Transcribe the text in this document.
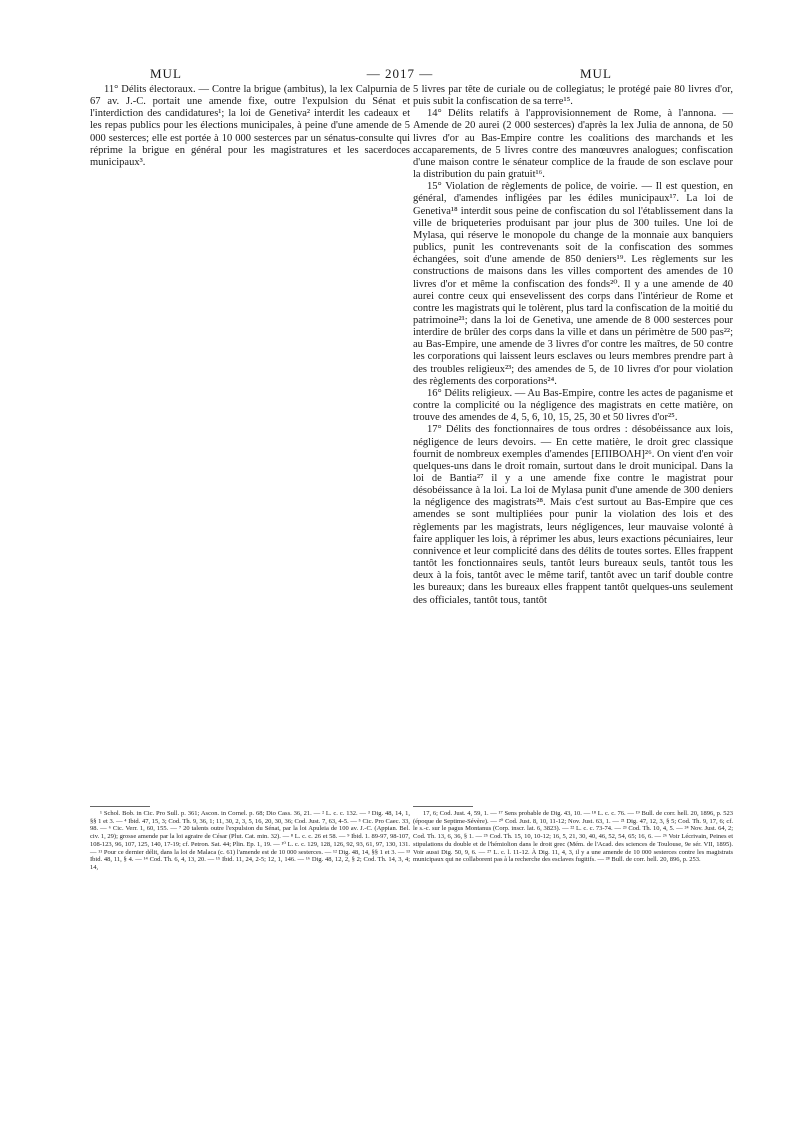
— 2017 —
MUL	MUL

11° Délits électoraux. — Contre la brigue (ambitus), la lex Calpurnia de 67 av. J.-C. portait une amende fixe, outre l'expulsion du Sénat et l'interdiction des candidatures¹; la loi de Genetiva² interdit les cadeaux et les repas publics pour les élections municipales, à peine d'une amende de 5 000 sesterces; elle est portée à 10 000 sesterces par un sénatus-consulte qui réprime la brigue en général pour les magistratures et les sacerdoces municipaux³.

5 livres par tête de curiale ou de collegiatus; le protégé paie 80 livres d'or, puis subit la confiscation de sa terre¹⁵.

14° Délits relatifs à l'approvisionnement de Rome, à l'annona. — Amende de 20 aurei (2 000 sesterces) d'après la lex Julia de annona, de 50 livres d'or au Bas-Empire contre les coalitions des marchands et les accaparements, de 5 livres contre des manœuvres analogues; confiscation d'une maison contre le sénateur complice de la fraude de son esclave pour la distribution du pain gratuit¹⁶.

15° Violation de règlements de police, de voirie. — Il est question, en général, d'amendes infligées par les édiles municipaux¹⁷. La loi de Genetiva¹⁸ interdit sous peine de confiscation du sol l'établissement dans la ville de briqueteries produisant par jour plus de 300 tuiles. Une loi de Mylasa, qui réserve le monopole du change de la monnaie aux banquiers publics, punit les contrevenants soit de la confiscation des sommes échangées, soit d'une amende de 850 deniers¹⁹. Les règlements sur les constructions de maisons dans les villes comportent des amendes de 10 livres d'or et même la confiscation des fonds²⁰. Il y a une amende de 40 aurei contre ceux qui ensevelissent des corps dans l'intérieur de Rome et contre les magistrats qui le tolèrent, plus tard la confiscation de la moitié du patrimoine²¹; dans la loi de Genetiva, une amende de 8 000 sesterces pour interdire de brûler des corps dans la ville et dans un périmètre de 500 pas²²; au Bas-Empire, une amende de 3 livres d'or contre les maîtres, de 50 contre les corporations qui laissent leurs esclaves ou leurs membres prendre part à des troubles religieux²³; des amendes de 5, de 10 livres d'or pour violation des règlements des corporations²⁴.

16° Délits religieux. — Au Bas-Empire, contre les actes de paganisme et contre la complicité ou la négligence des magistrats en cette matière, on trouve des amendes de 4, 5, 6, 10, 15, 25, 30 et 50 livres d'or²⁵.

17° Délits des fonctionnaires de tous ordres : désobéissance aux lois, négligence de leurs devoirs. — En cette matière, le droit grec classique fournit de nombreux exemples d'amendes [ΕΠΙΒΟΛΗ]²⁶. On vient d'en voir quelques-uns dans le droit romain, surtout dans le droit municipal. Dans la loi de Bantia²⁷ il y a une amende fixe contre le magistrat pour désobéissance à la loi. La loi de Mylasa punit d'une amende de 300 deniers la négligence des magistrats²⁸. Mais c'est surtout au Bas-Empire que ces amendes se sont multipliées pour punir la violation des lois et des règlements par les magistrats, leurs négligences, leur mauvaise volonté à faire appliquer les lois, à réprimer les abus, leurs exactions pécuniaires, leur connivence et leur complicité dans des délits de toutes sortes. Elles frappent tantôt les fonctionnaires seuls, tantôt leurs bureaux seuls, tantôt tous les deux à la fois, tantôt avec le même tarif, tantôt avec un tarif double contre les bureaux; dans les bureaux elles frappent tantôt quelques-uns seulement des officiales, tantôt tous, tantôt

¹ Schol. Bob. in Cic. Pro Sull. p. 361; Ascon. in Cornel. p. 68; Dio Cass. 36, 21. — ² L. c. c. 132. — ³ Dig. 48, 14, 1, §§ 1 et 3. — ⁴ Ibid. 47, 15, 3; Cod. Th. 9, 36, 1; 11, 30, 2, 3, 5, 16, 20, 30, 36; Cod. Just. 7, 63, 4-5. — ⁵ Cic. Pro Caec. 33, 98. — ⁶ Cic. Verr. 1, 60, 155. — ⁷ 20 talents outre l'expulsion du Sénat, par la loi Apuleia de 100 av. J.-C. (Appian. Bel. civ. 1, 29); grosse amende par la loi agraire de César (Plut. Cat. min. 32). — ⁸ L. c. c. 26 et 58. — ⁹ Ibid. 1. 89-97, 98-107, 108-123, 96, 107, 125, 140, 17-19; cf. Petron. Sat. 44; Plin. Ep. 1, 19. — ¹⁰ L. c. c. 129, 128, 126, 92, 93, 61, 97, 130, 131. — ¹¹ Pour ce dernier délit, dans la loi de Malaca (c. 61) l'amende est de 10 000 sesterces. — ¹² Dig. 48, 14, §§ 1 et 3. — ¹³ Ibid. 48, 11, § 4. — ¹⁴ Cod. Th. 6, 4, 13, 20. — ¹⁵ Ibid. 11, 24, 2-5; 12, 1, 146. — ¹⁶ Dig. 48, 12, 2, § 2; Cod. Th. 14, 3, 4; 14,

17, 6; Cod. Just. 4, 59, 1. — ¹⁷ Sens probable de Dig. 43, 10. — ¹⁸ L. c. c. 76. — ¹⁹ Bull. de corr. hell. 20, 1896, p. 523 (époque de Septime-Sévère). — ²⁰ Cod. Just. 8, 10, 11-12; Nov. Just. 63, 1. — ²¹ Dig. 47, 12, 3, § 5; Cod. Th. 9, 17, 6; cf. le s.-c. sur le pagus Montanus (Corp. inscr. lat. 6, 3823). — ²² L. c. c. 73-74. — ²³ Cod. Th. 10, 4, 5. — ²⁴ Nov. Just. 64, 2; Cod. Th. 13, 6, 36, § 1. — ²⁵ Cod. Th. 15, 10, 10-12; 16, 5, 21, 30, 40, 46, 52, 54, 65; 16, 6. — ²⁶ Voir Lécrivain, Peines et stipulations du double et de l'hémiolion dans le droit grec (Mém. de l'Acad. des sciences de Toulouse, 9e sér. VII, 1895). Voir aussi Dig. 50, 9, 6. — ²⁷ L. c. l. 11-12. À Dig. 11, 4, 3, il y a une amende de 10 000 sesterces contre les magistrats municipaux qui ne collaborent pas à la recherche des esclaves fugitifs. — ²⁸ Bull. de corr. hell. 20, 896, p. 253.
